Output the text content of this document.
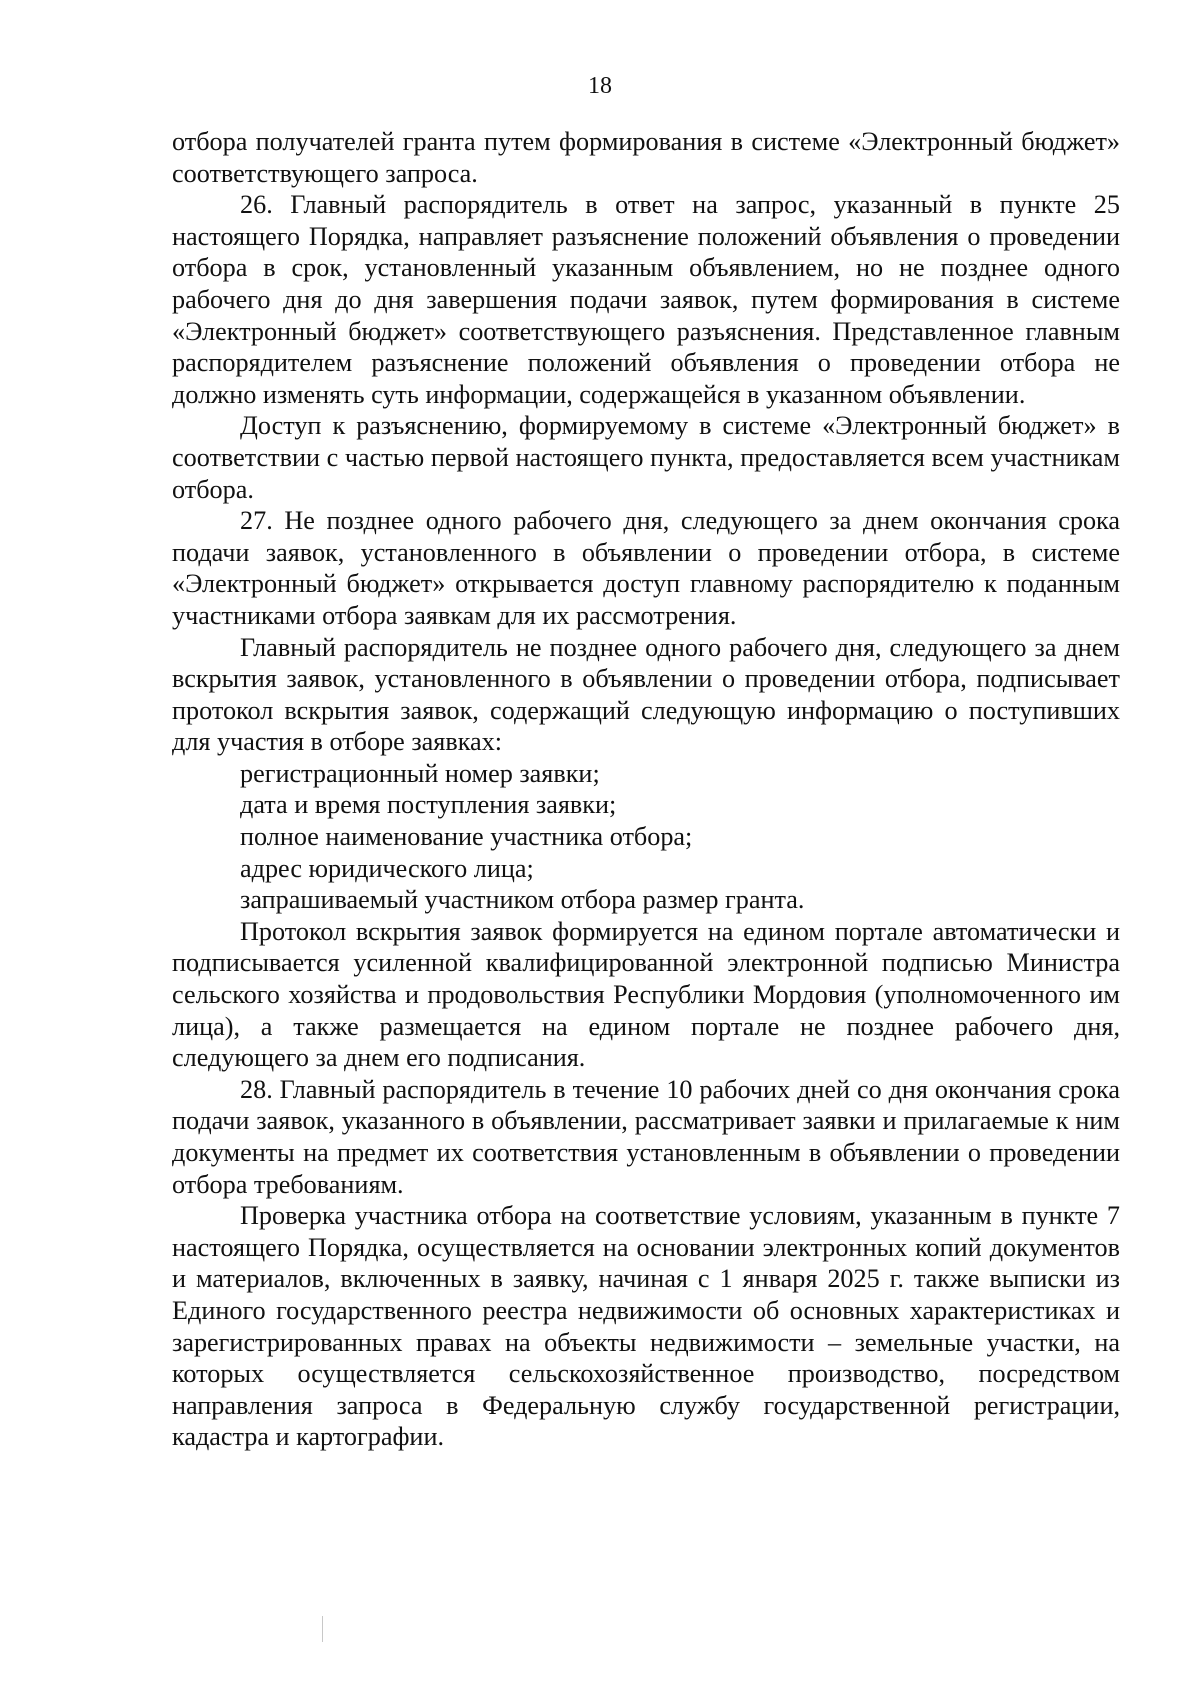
18

отбора получателей гранта путем формирования в системе «Электронный бюджет» соответствующего запроса.

26. Главный распорядитель в ответ на запрос, указанный в пункте 25 настоящего Порядка, направляет разъяснение положений объявления о проведении отбора в срок, установленный указанным объявлением, но не позднее одного рабочего дня до дня завершения подачи заявок, путем формирования в системе «Электронный бюджет» соответствующего разъяснения. Представленное главным распорядителем разъяснение положений объявления о проведении отбора не должно изменять суть информации, содержащейся в указанном объявлении.

Доступ к разъяснению, формируемому в системе «Электронный бюджет» в соответствии с частью первой настоящего пункта, предоставляется всем участникам отбора.

27. Не позднее одного рабочего дня, следующего за днем окончания срока подачи заявок, установленного в объявлении о проведении отбора, в системе «Электронный бюджет» открывается доступ главному распорядителю к поданным участниками отбора заявкам для их рассмотрения.

Главный распорядитель не позднее одного рабочего дня, следующего за днем вскрытия заявок, установленного в объявлении о проведении отбора, подписывает протокол вскрытия заявок, содержащий следующую информацию о поступивших для участия в отборе заявках:

регистрационный номер заявки;

дата и время поступления заявки;

полное наименование участника отбора;

адрес юридического лица;

запрашиваемый участником отбора размер гранта.

Протокол вскрытия заявок формируется на едином портале автоматически и подписывается усиленной квалифицированной электронной подписью Министра сельского хозяйства и продовольствия Республики Мордовия (уполномоченного им лица), а также размещается на едином портале не позднее рабочего дня, следующего за днем его подписания.

28. Главный распорядитель в течение 10 рабочих дней со дня окончания срока подачи заявок, указанного в объявлении, рассматривает заявки и прилагаемые к ним документы на предмет их соответствия установленным в объявлении о проведении отбора требованиям.

Проверка участника отбора на соответствие условиям, указанным в пункте 7 настоящего Порядка, осуществляется на основании электронных копий документов и материалов, включенных в заявку, начиная с 1 января 2025 г. также выписки из Единого государственного реестра недвижимости об основных характеристиках и зарегистрированных правах на объекты недвижимости – земельные участки, на которых осуществляется сельскохозяйственное производство, посредством направления запроса в Федеральную службу государственной регистрации, кадастра и картографии.
